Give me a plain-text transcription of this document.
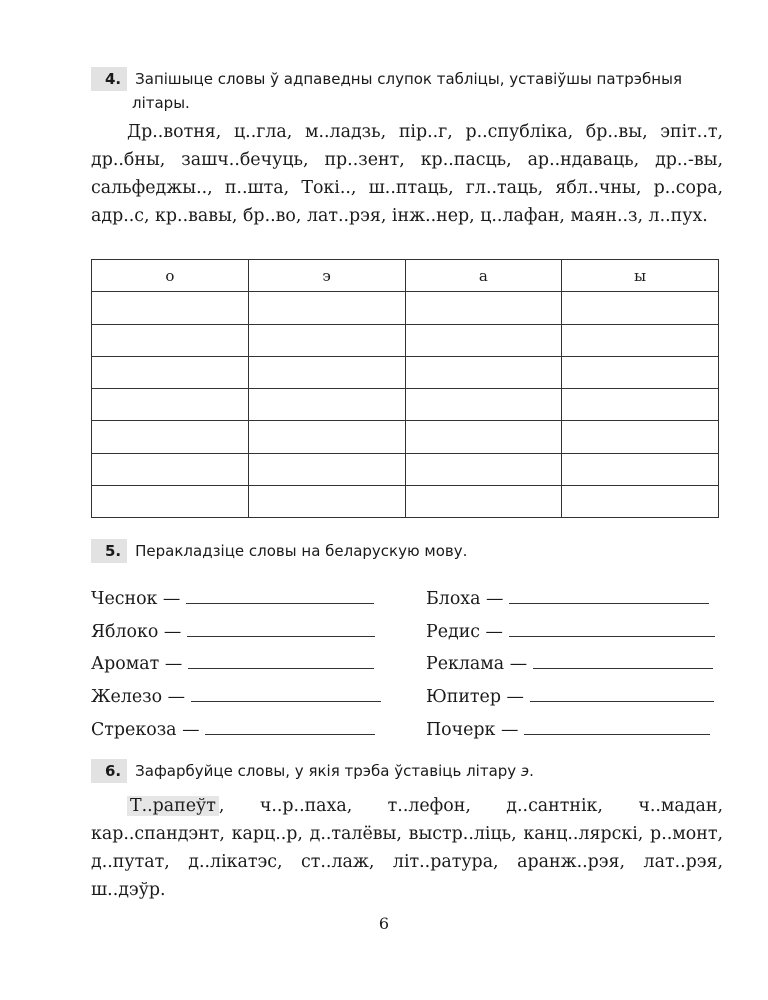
4. Запішыце словы ў адпаведны слупок табліцы, уставіўшы патрэбныя
літары.

Др..вотня, ц..гла, м..ладзь, пір..г, р..спубліка, бр..вы, эпіт..т, др..бны, зашч..бечуць, пр..зент, кр..пасць, ар..ндаваць, др..-вы, сальфеджы.., п..шта, Токі.., ш..птаць, гл..таць, ябл..чны, р..сора, адр..с, кр..вавы, бр..во, лат..рэя, інж..нер, ц..лафан, маян..з, л..пух.

о	э	а	ы

5. Перакладзіце словы на беларускую мову.
Чеснок —
Яблоко —
Аромат —
Железо —
Стрекоза —
Блоха —
Редис —
Реклама —
Юпитер —
Почерк —
6. Зафарбуйце словы, у якія трэба ўставіць літару э.

Т..рапеўт , ч..р..паха, т..лефон, д..сантнік, ч..мадан, кар..спандэнт, карц..р, д..талёвы, выстр..ліць, канц..лярскі, р..монт, д..путат, д..лікатэс, ст..лаж, літ..ратура, аранж..рэя, лат..рэя, ш..дэўр.

6
